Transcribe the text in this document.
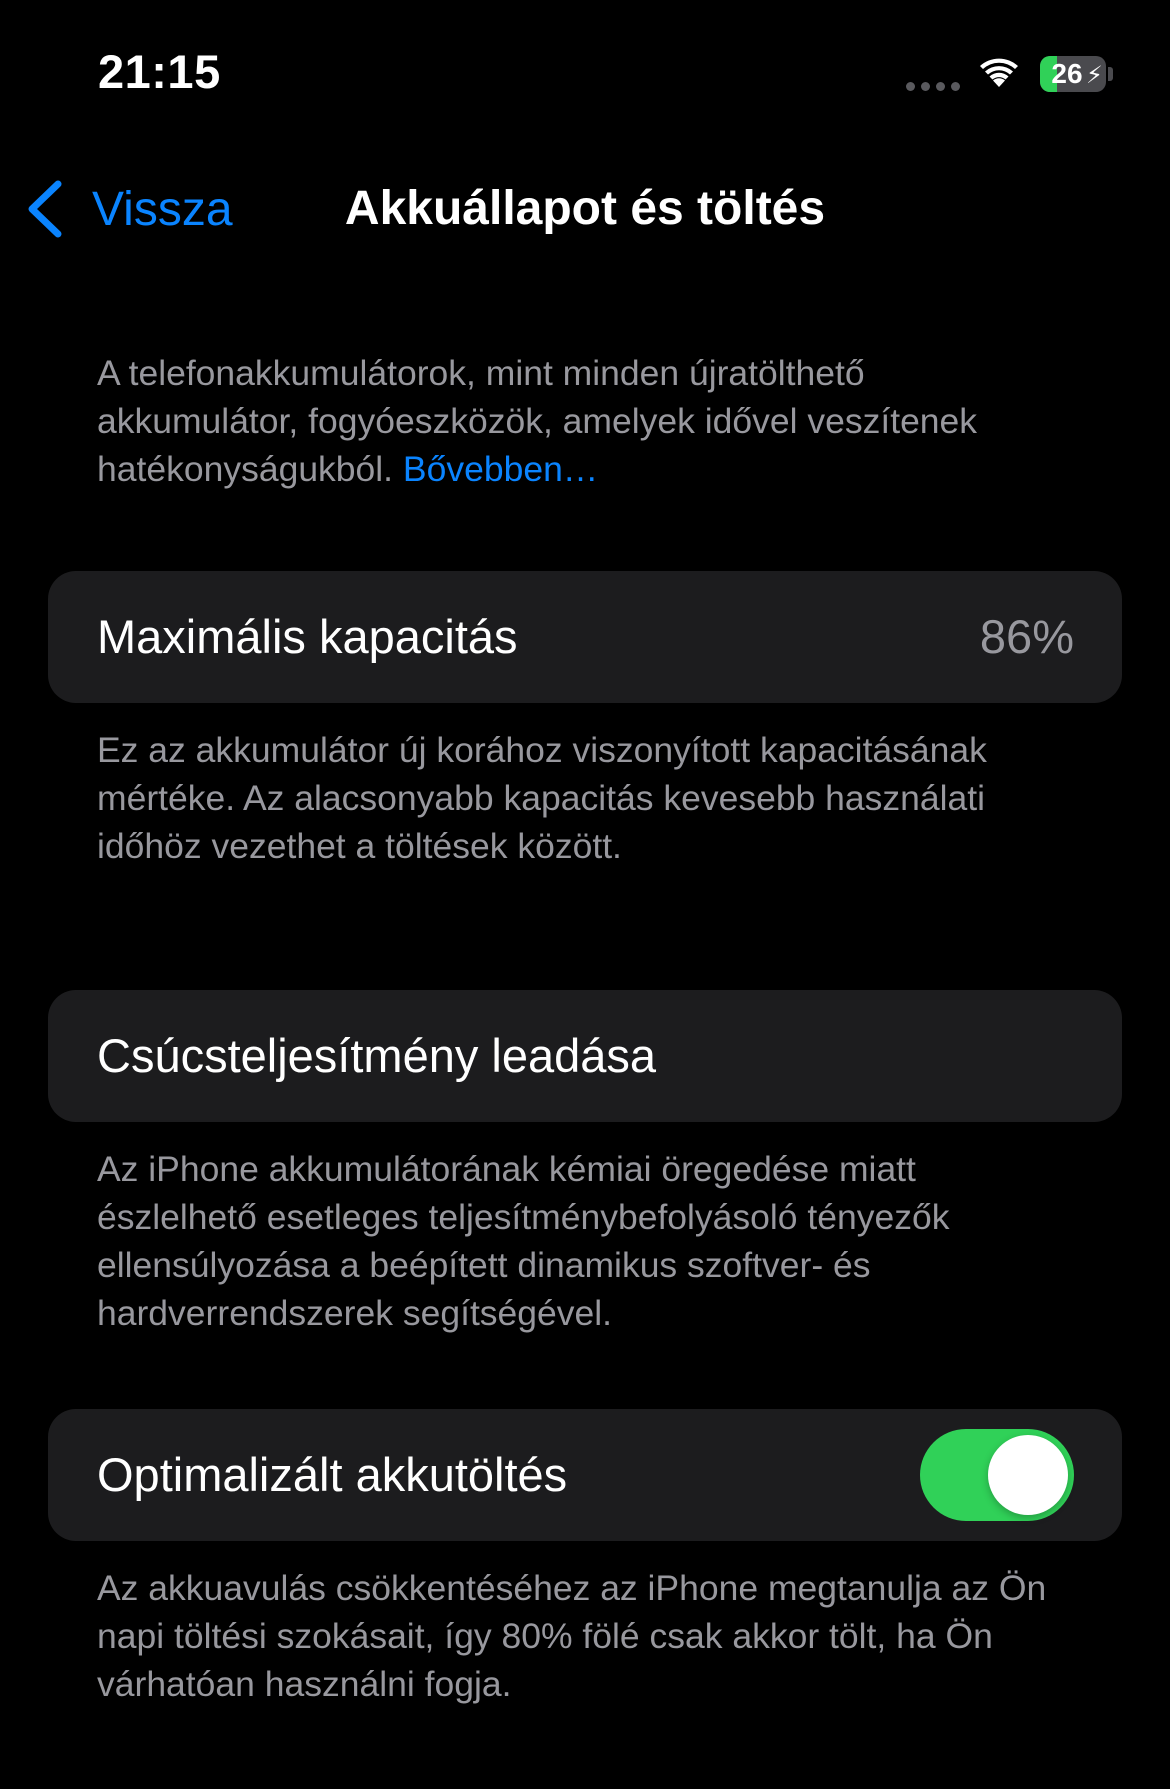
21:15	26 ⚡
Akkuállapot és töltés
Vissza
A telefonakkumulátorok, mint minden újratölthető akkumulátor, fogyóeszközök, amelyek idővel veszítenek hatékonyságukból. Bővebben…
Maximális kapacitás	86%
Ez az akkumulátor új korához viszonyított kapacitásának mértéke. Az alacsonyabb kapacitás kevesebb használati időhöz vezethet a töltések között.
Csúcsteljesítmény leadása
Az iPhone akkumulátorának kémiai öregedése miatt észlelhető esetleges teljesítménybefolyásoló tényezők ellensúlyozása a beépített dinamikus szoftver- és hardverrendszerek segítségével.
Optimalizált akkutöltés
Az akkuavulás csökkentéséhez az iPhone megtanulja az Ön napi töltési szokásait, így 80% fölé csak akkor tölt, ha Ön várhatóan használni fogja.
